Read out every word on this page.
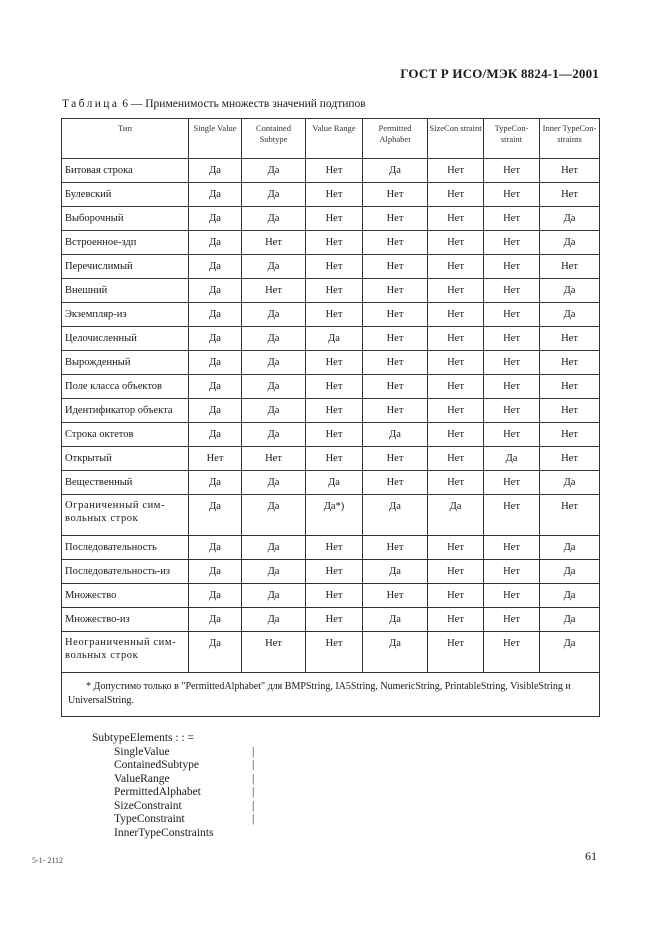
ГОСТ Р ИСО/МЭК 8824-1—2001
Таблица 6 — Применимость множеств значений подтипов
Тип	Single Value	Contained Subtype	Value Range	Permitted Alphabet	SizeCon straint	TypeCon- straint	Inner TypeCon- straints
Битовая строка	Да	Да	Нет	Да	Нет	Нет	Нет
Булевский	Да	Да	Нет	Нет	Нет	Нет	Нет
Выборочный	Да	Да	Нет	Нет	Нет	Нет	Да
Встроенное-здп	Да	Нет	Нет	Нет	Нет	Нет	Да
Перечислимый	Да	Да	Нет	Нет	Нет	Нет	Нет
Внешний	Да	Нет	Нет	Нет	Нет	Нет	Да
Экземпляр-из	Да	Да	Нет	Нет	Нет	Нет	Да
Целочисленный	Да	Да	Да	Нет	Нет	Нет	Нет
Вырожденный	Да	Да	Нет	Нет	Нет	Нет	Нет
Поле класса объектов	Да	Да	Нет	Нет	Нет	Нет	Нет
Идентификатор объекта	Да	Да	Нет	Нет	Нет	Нет	Нет
Строка октетов	Да	Да	Нет	Да	Нет	Нет	Нет
Открытый	Нет	Нет	Нет	Нет	Нет	Да	Нет
Вещественный	Да	Да	Да	Нет	Нет	Нет	Да

Ограниченный сим-
вольных строк	Да	Да	Да*)	Да	Да	Нет	Нет
Последовательность	Да	Да	Нет	Нет	Нет	Нет	Да
Последовательность-из	Да	Да	Нет	Да	Нет	Нет	Да
Множество	Да	Да	Нет	Нет	Нет	Нет	Да
Множество-из	Да	Да	Нет	Да	Нет	Нет	Да

Неограниченный сим-
вольных строк	Да	Нет	Нет	Да	Нет	Нет	Да
* Допустимо только в "PermittedAlphabet" для BMPString, IA5String, NumericString, PrintableString, VisibleString и UniversalString.							
SubtypeElements : : =
SingleValue	|
ContainedSubtype	|
ValueRange	|
PermittedAlphabet	|
SizeConstraint	|
TypeConstraint	|
InnerTypeConstraints
5-1- 2112	61
